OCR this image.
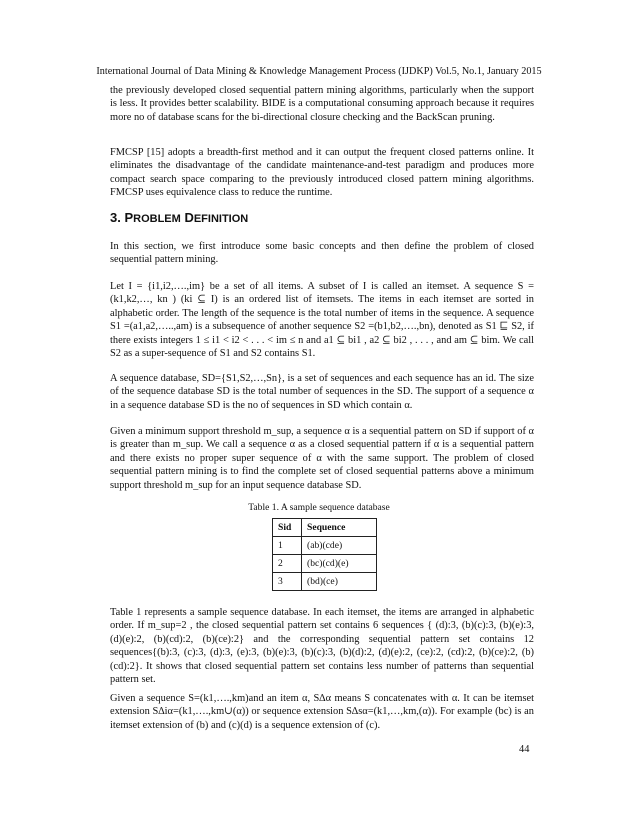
International Journal of Data Mining & Knowledge Management Process (IJDKP) Vol.5, No.1, January 2015

the previously developed closed sequential pattern mining algorithms, particularly when the support is less. It provides better scalability. BIDE is a computational consuming approach because it requires more no of database scans for the bi-directional closure checking and the BackScan pruning.

FMCSP [15] adopts a breadth-first method and it can output the frequent closed patterns online. It eliminates the disadvantage of the candidate maintenance-and-test paradigm and produces more compact search space comparing to the previously introduced closed pattern mining algorithms. FMCSP uses equivalence class to reduce the runtime.

3. PROBLEM DEFINITION

In this section, we first introduce some basic concepts and then define the problem of closed sequential pattern mining.

Let I = {i1,i2,….,im} be a set of all items. A subset of I is called an itemset. A sequence S = (k1,k2,…, kn ) (ki ⊆ I) is an ordered list of itemsets. The items in each itemset are sorted in alphabetic order. The length of the sequence is the total number of items in the sequence. A sequence S1 =(a1,a2,…..,am) is a subsequence of another sequence S2 =(b1,b2,….,bn), denoted as S1 ⊑ S2, if there exists integers 1 ≤ i1 < i2 < . . . < im ≤ n and a1 ⊆ bi1 , a2 ⊆ bi2 , . . . , and am ⊆ bim. We call S2 as a super-sequence of S1 and S2 contains S1.

A sequence database, SD={S1,S2,…,Sn}, is a set of sequences and each sequence has an id. The size of the sequence database SD is the total number of sequences in the SD. The support of a sequence α in a sequence database SD is the no of sequences in SD which contain α.

Given a minimum support threshold m_sup, a sequence α is a sequential pattern on SD if support of α is greater than m_sup. We call a sequence α as a closed sequential pattern if α is a sequential pattern and there exists no proper super sequence of α with the same support. The problem of closed sequential pattern mining is to find the complete set of closed sequential patterns above a minimum support threshold m_sup for an input sequence database SD.

Table 1. A sample sequence database
Sid	Sequence
1	(ab)(cde)
2	(bc)(cd)(e)
3	(bd)(ce)

Table 1 represents a sample sequence database. In each itemset, the items are arranged in alphabetic order. If m_sup=2 , the closed sequential pattern set contains 6 sequences { (d):3, (b)(c):3, (b)(e):3, (d)(e):2, (b)(cd):2, (b)(ce):2} and the corresponding sequential pattern set contains 12 sequences{(b):3, (c):3, (d):3, (e):3, (b)(e):3, (b)(c):3, (b)(d):2, (d)(e):2, (ce):2, (cd):2, (b)(ce):2, (b)(cd):2}. It shows that closed sequential pattern set contains less number of patterns than sequential pattern set.

Given a sequence S=(k1,….,km)and an item α, S∆α means S concatenates with α. It can be itemset extension S∆iα=(k1,….,km∪(α)) or sequence extension S∆sα=(k1,…,km,(α)). For example (bc) is an itemset extension of (b) and (c)(d) is a sequence extension of (c).

44
